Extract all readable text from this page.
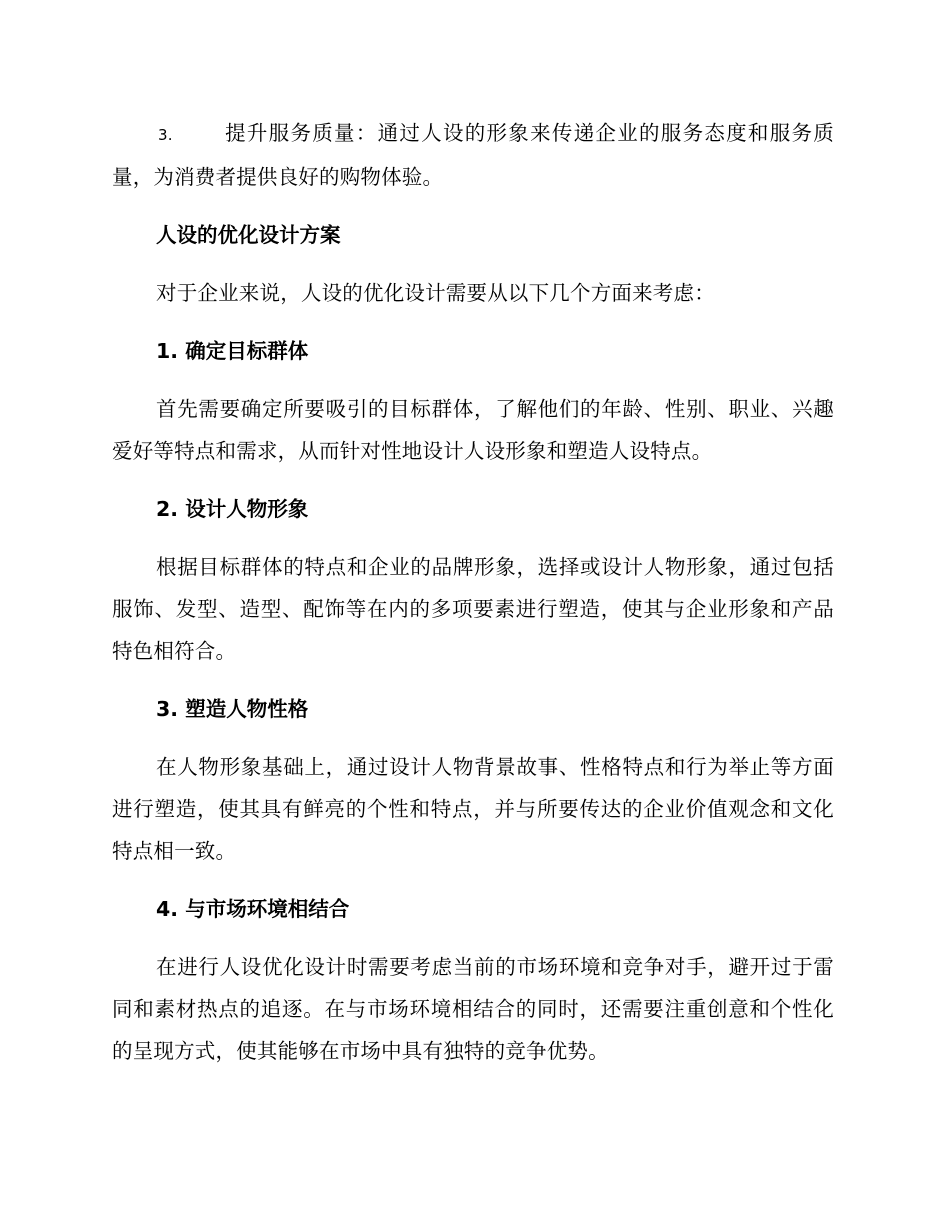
3.	提升服务质量：通过人设的形象来传递企业的服务态度和服务质量，为消费者提供良好的购物体验。

人设的优化设计方案

对于企业来说，人设的优化设计需要从以下几个方面来考虑：

1. 确定目标群体

首先需要确定所要吸引的目标群体，了解他们的年龄、性别、职业、兴趣爱好等特点和需求，从而针对性地设计人设形象和塑造人设特点。

2. 设计人物形象

根据目标群体的特点和企业的品牌形象，选择或设计人物形象，通过包括服饰、发型、造型、配饰等在内的多项要素进行塑造，使其与企业形象和产品特色相符合。

3. 塑造人物性格

在人物形象基础上，通过设计人物背景故事、性格特点和行为举止等方面进行塑造，使其具有鲜亮的个性和特点，并与所要传达的企业价值观念和文化特点相一致。

4. 与市场环境相结合

在进行人设优化设计时需要考虑当前的市场环境和竞争对手，避开过于雷同和素材热点的追逐。在与市场环境相结合的同时，还需要注重创意和个性化的呈现方式，使其能够在市场中具有独特的竞争优势。
